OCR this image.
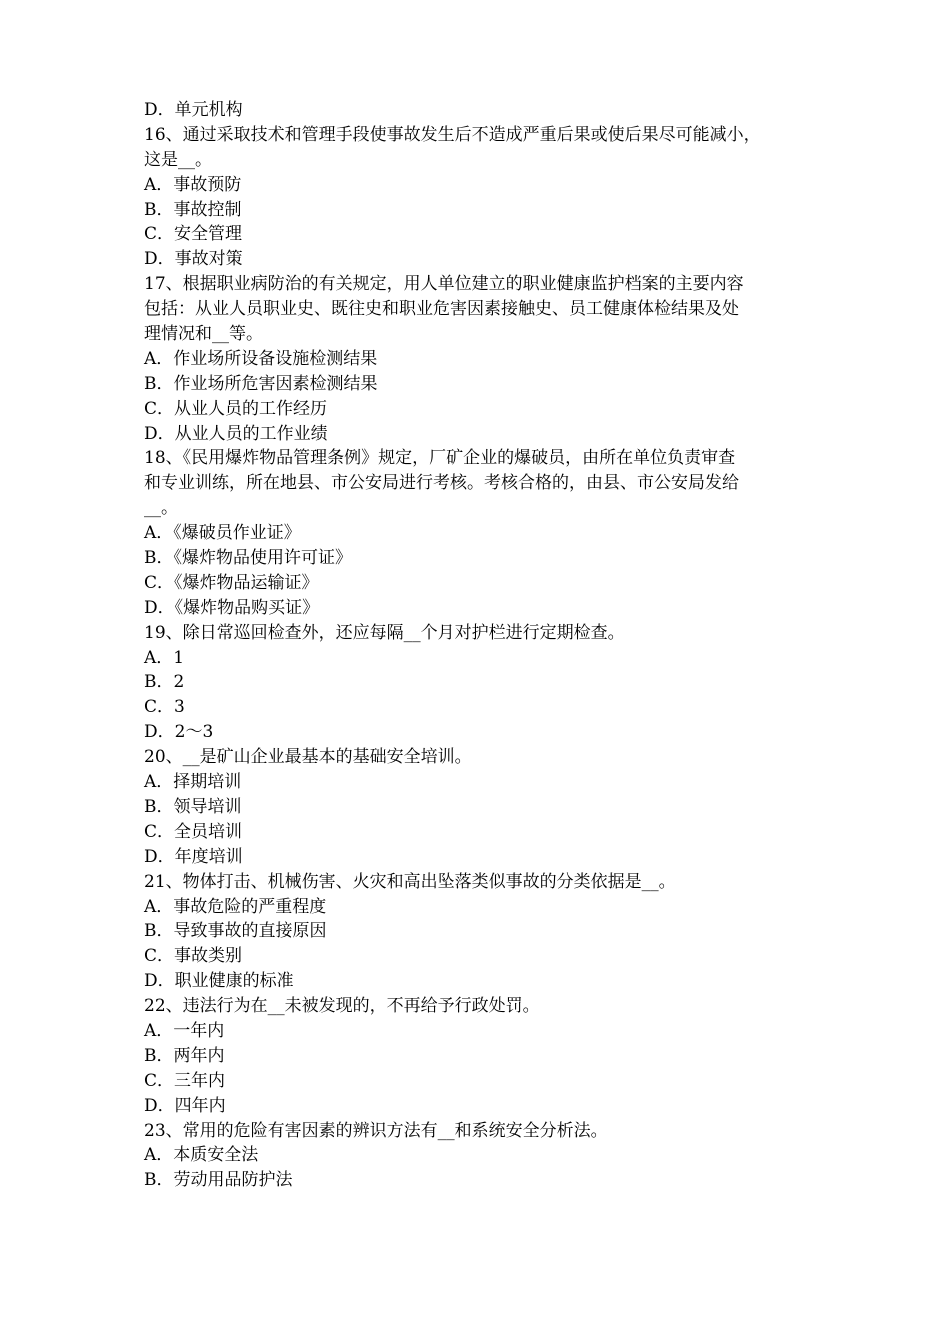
D．单元机构
16、通过采取技术和管理手段使事故发生后不造成严重后果或使后果尽可能减小，
这是__。
A．事故预防
B．事故控制
C．安全管理
D．事故对策
17、根据职业病防治的有关规定，用人单位建立的职业健康监护档案的主要内容
包括：从业人员职业史、既往史和职业危害因素接触史、员工健康体检结果及处
理情况和__等。
A．作业场所设备设施检测结果
B．作业场所危害因素检测结果
C．从业人员的工作经历
D．从业人员的工作业绩
18、《民用爆炸物品管理条例》规定，厂矿企业的爆破员，由所在单位负责审查
和专业训练，所在地县、市公安局进行考核。考核合格的，由县、市公安局发给
__。
A．《爆破员作业证》
B．《爆炸物品使用许可证》
C．《爆炸物品运输证》
D．《爆炸物品购买证》
19、除日常巡回检查外，还应每隔__个月对护栏进行定期检查。
A．1
B．2
C．3
D．2～3
20、__是矿山企业最基本的基础安全培训。
A．择期培训
B．领导培训
C．全员培训
D．年度培训
21、物体打击、机械伤害、火灾和高出坠落类似事故的分类依据是__。
A．事故危险的严重程度
B．导致事故的直接原因
C．事故类别
D．职业健康的标准
22、违法行为在__未被发现的，不再给予行政处罚。
A．一年内
B．两年内
C．三年内
D．四年内
23、常用的危险有害因素的辨识方法有__和系统安全分析法。
A．本质安全法
B．劳动用品防护法
